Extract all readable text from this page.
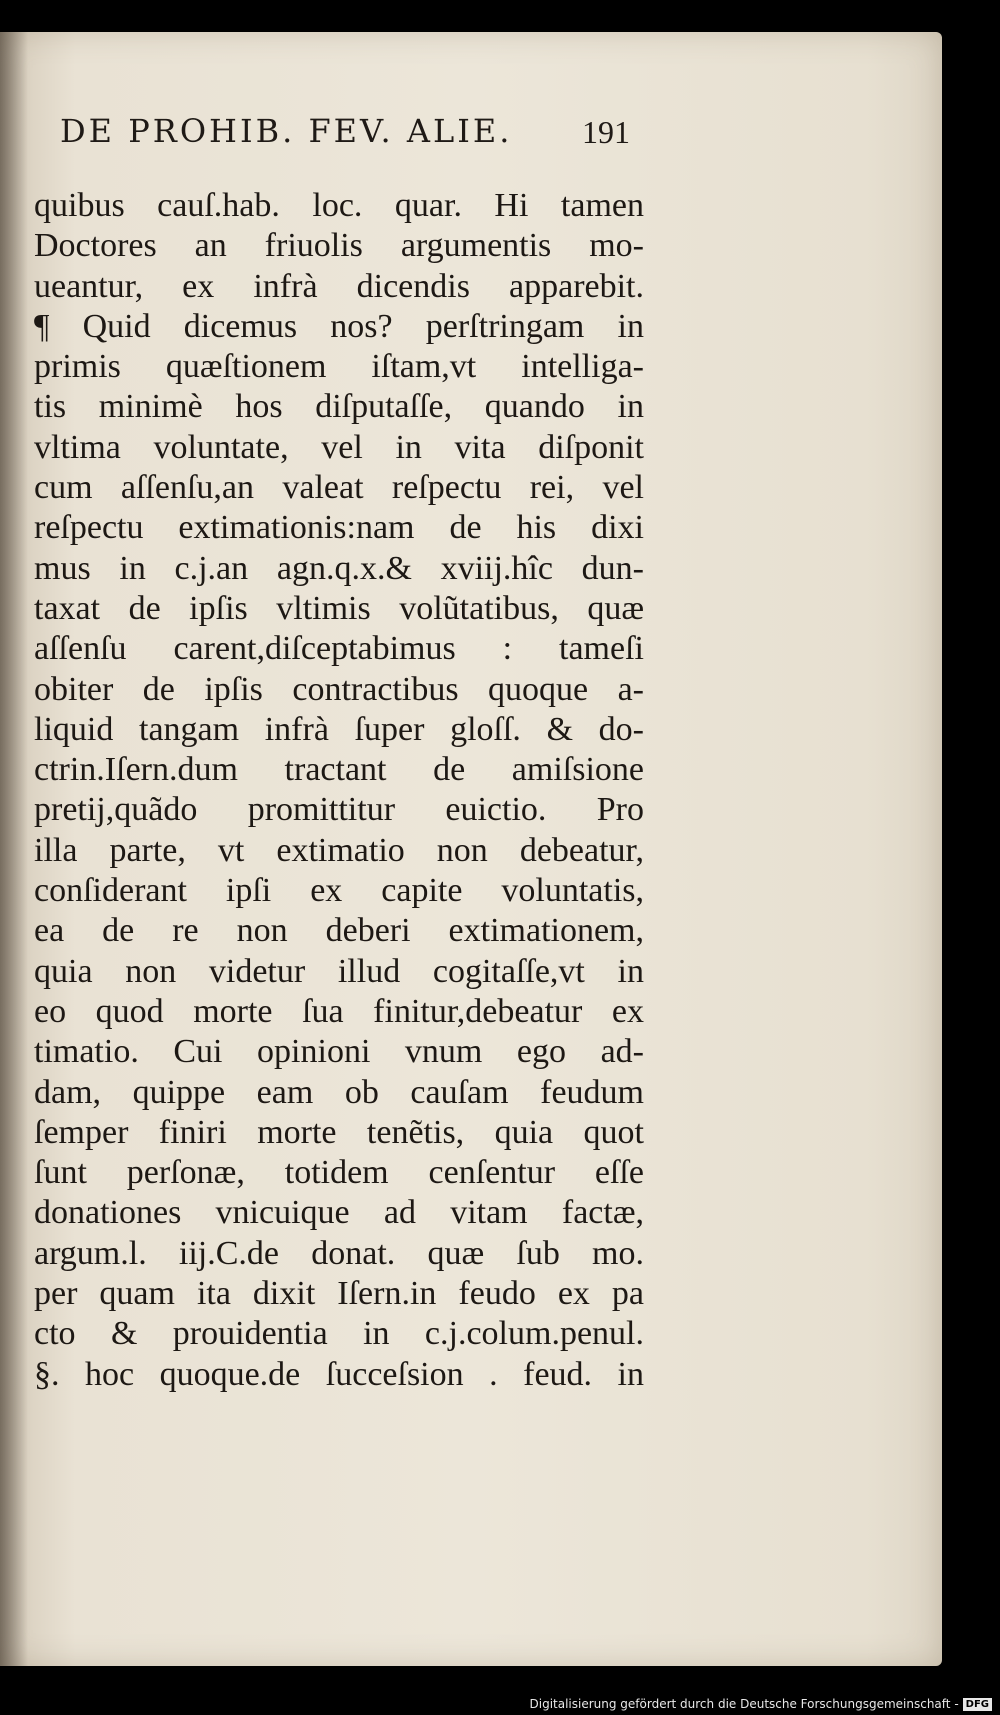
DE PROHIB. FEV. ALIE.	191
quibus cauſ.hab. loc. quar. Hi tamen
Doctores an friuolis argumentis mo-
ueantur, ex infrà dicendis apparebit.
¶ Quid dicemus nos? perſtringam in
primis quæſtionem iſtam,vt intelliga-
tis minimè hos diſputaſſe, quando in
vltima voluntate, vel in vita diſponit
cum aſſenſu,an valeat reſpectu rei, vel
reſpectu extimationis:nam de his dixi
mus in c.j.an agn.q.x.& xviij.hîc dun-
taxat de ipſis vltimis volũtatibus, quæ
aſſenſu carent,diſceptabimus : tameſi
obiter de ipſis contractibus quoque a-
liquid tangam infrà ſuper gloſſ. & do-
ctrin.Iſern.dum tractant de amiſsione
pretij,quãdo promittitur euictio. Pro
illa parte, vt extimatio non debeatur,
conſiderant ipſi ex capite voluntatis,
ea de re non deberi extimationem,
quia non videtur illud cogitaſſe,vt in
eo quod morte ſua finitur,debeatur ex
timatio. Cui opinioni vnum ego ad-
dam, quippe eam ob cauſam feudum
ſemper finiri morte tenẽtis, quia quot
ſunt perſonæ, totidem cenſentur eſſe
donationes vnicuique ad vitam factæ,
argum.l. iij.C.de donat. quæ ſub mo.
per quam ita dixit Iſern.in feudo ex pa
cto & prouidentia in c.j.colum.penul.
§. hoc quoque.de ſucceſsion . feud. in
Digitalisierung gefördert durch die Deutsche Forschungsgemeinschaft - DFG
